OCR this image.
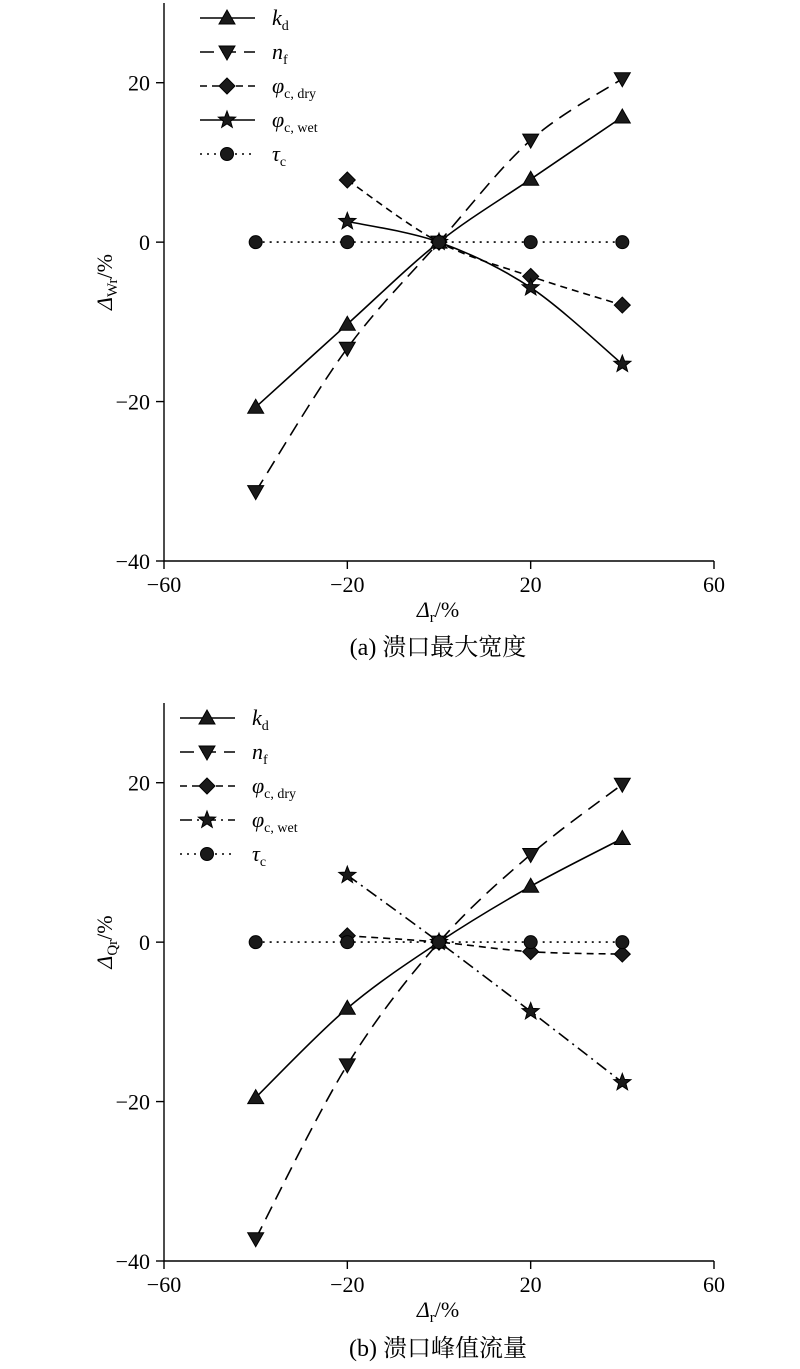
−60	−20	20	60
−40
−20
0
20
$k_d$
$n_f$
$\varphi_{c, dry}$
$\varphi_{c, wet}$
$\tau_c$
$\Delta_r/\%$
$\Delta_{Wr}/\%$
(a) 溃口最大宽度
−60	−20	20	60
−40
−20
0
20
$k_d$
$n_f$
$\varphi_{c, dry}$
$\varphi_{c, wet}$
$\tau_c$
$\Delta_r/\%$
$\Delta_{Qr}/\%$
(b) 溃口峰值流量
